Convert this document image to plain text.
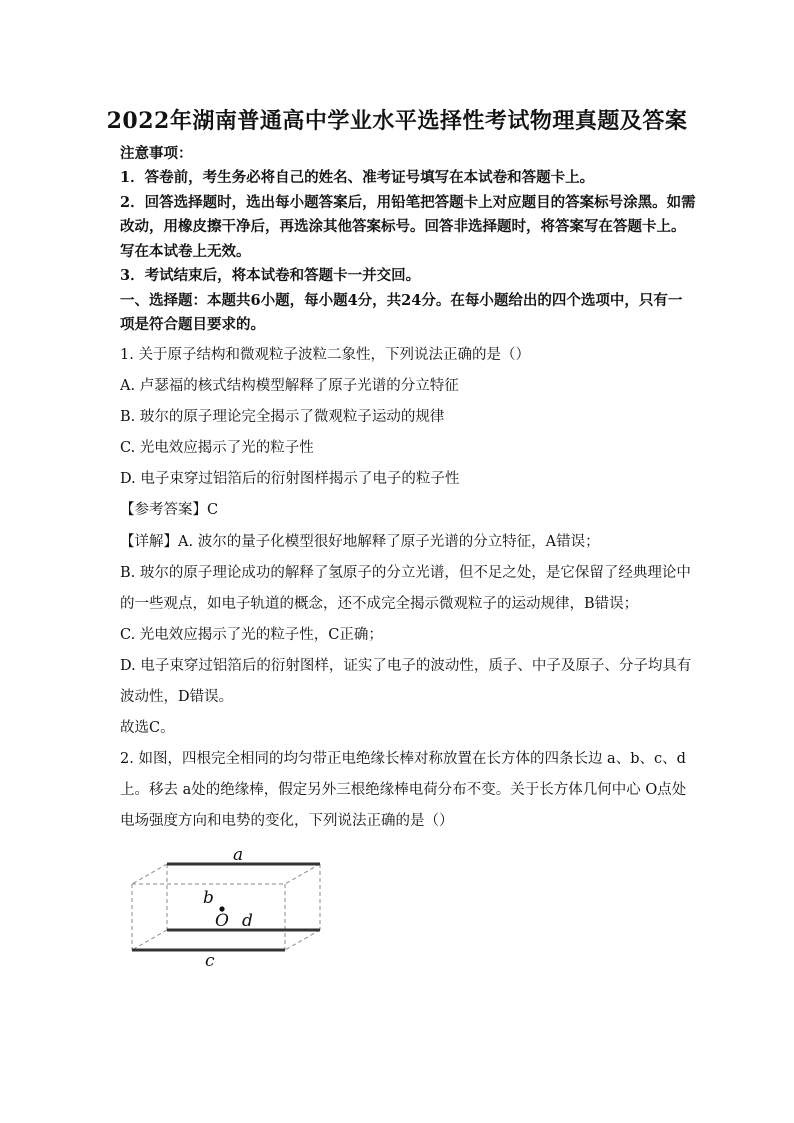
2022年湖南普通高中学业水平选择性考试物理真题及答案
注意事项：
1．答卷前，考生务必将自己的姓名、准考证号填写在本试卷和答题卡上。
2．回答选择题时，选出每小题答案后，用铅笔把答题卡上对应题目的答案标号涂黑。如需
改动，用橡皮擦干净后，再选涂其他答案标号。回答非选择题时，将答案写在答题卡上。
写在本试卷上无效。
3．考试结束后，将本试卷和答题卡一并交回。
一、选择题：本题共6小题，每小题4分，共24分。在每小题给出的四个选项中，只有一
项是符合题目要求的。
1. 关于原子结构和微观粒子波粒二象性，下列说法正确的是（）
A. 卢瑟福的核式结构模型解释了原子光谱的分立特征
B. 玻尔的原子理论完全揭示了微观粒子运动的规律
C. 光电效应揭示了光的粒子性
D. 电子束穿过铝箔后的衍射图样揭示了电子的粒子性
【参考答案】C
【详解】A. 波尔的量子化模型很好地解释了原子光谱的分立特征，A错误；
B. 玻尔的原子理论成功的解释了氢原子的分立光谱，但不足之处，是它保留了经典理论中
的一些观点，如电子轨道的概念，还不成完全揭示微观粒子的运动规律，B错误；
C. 光电效应揭示了光的粒子性，C正确；
D. 电子束穿过铝箔后的衍射图样，证实了电子的波动性，质子、中子及原子、分子均具有
波动性，D错误。
故选C。
2. 如图，四根完全相同的均匀带正电绝缘长棒对称放置在长方体的四条长边 a、b、c、d
上。移去 a处的绝缘棒，假定另外三根绝缘棒电荷分布不变。关于长方体几何中心 O点处
电场强度方向和电势的变化，下列说法正确的是（）
a
b
O d
c
